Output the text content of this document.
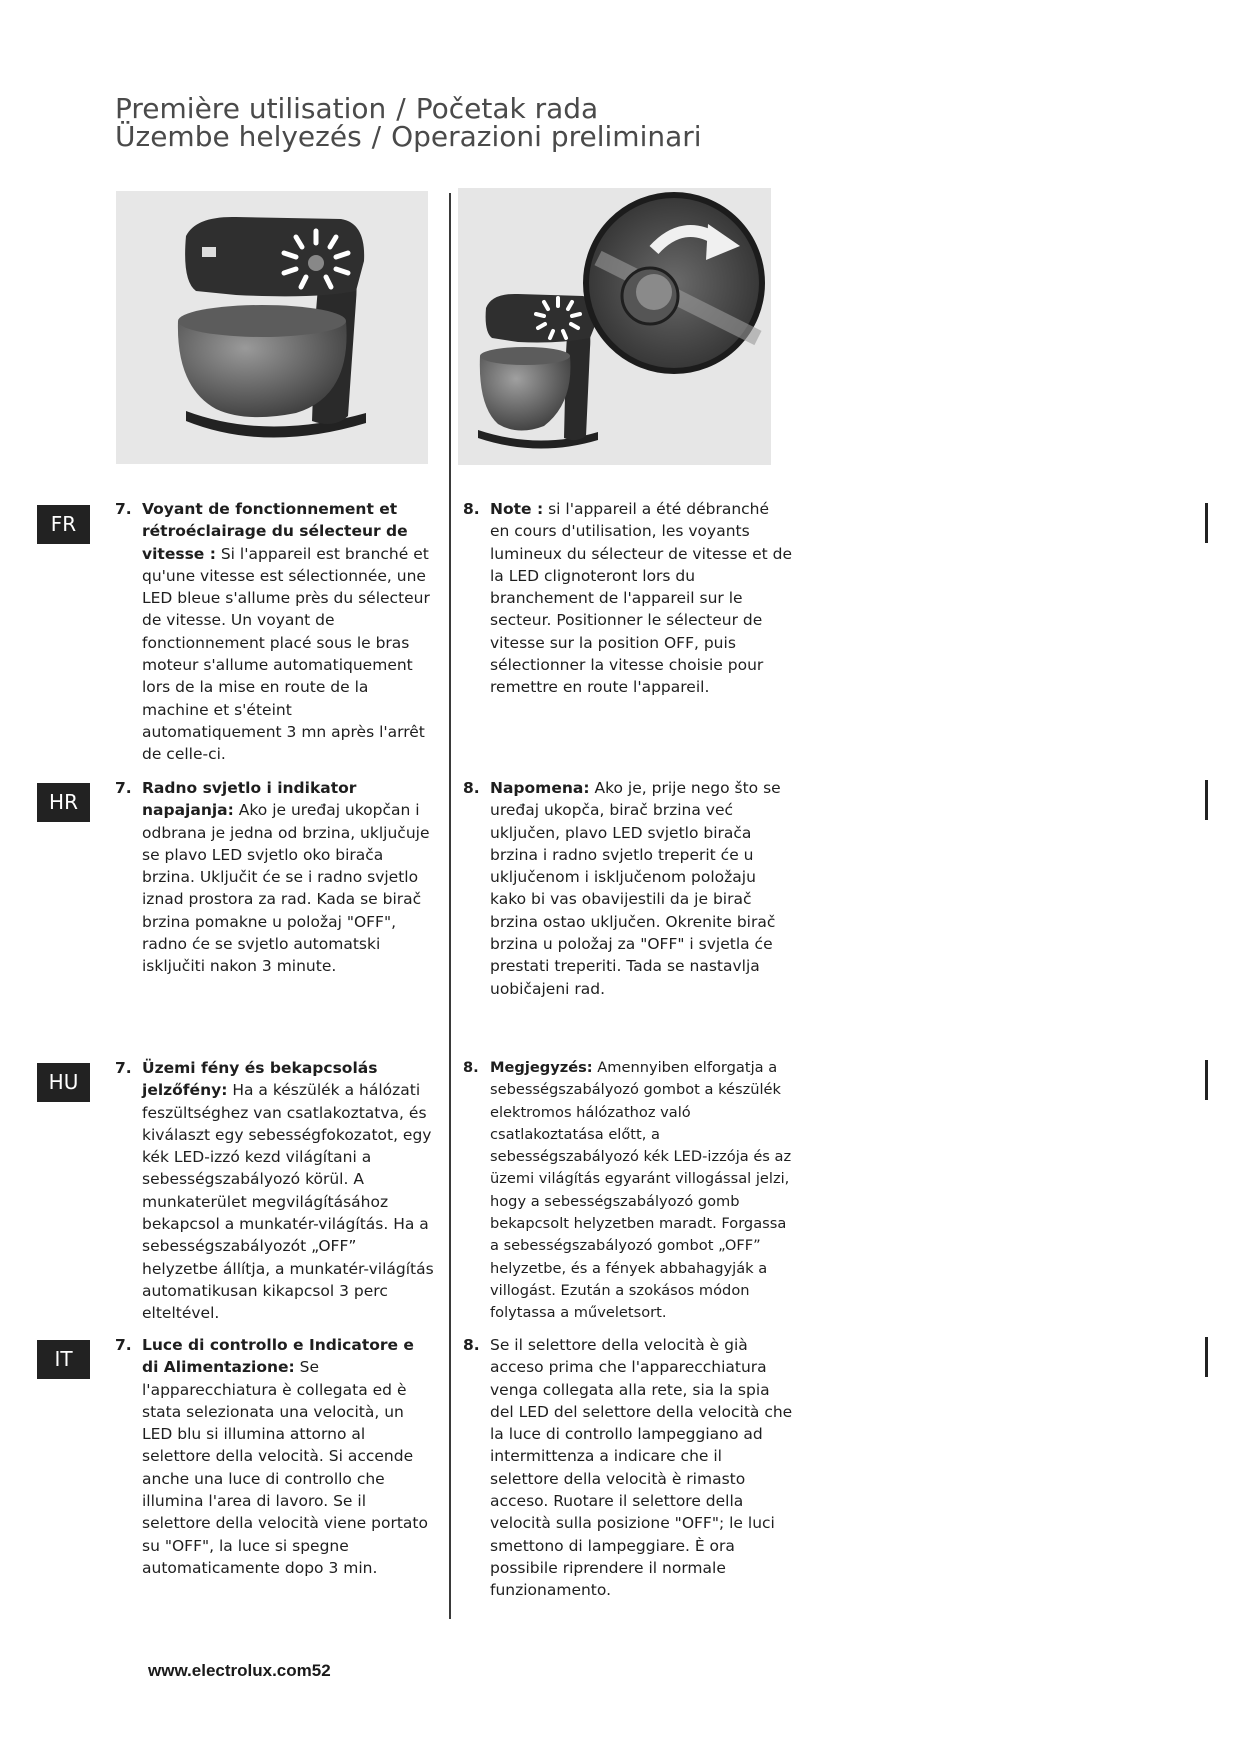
Première utilisation / Početak rada
Üzembe helyezés / Operazioni preliminari
FR
7. Voyant de fonctionnement et rétroéclairage du sélecteur de vitesse : Si l'appareil est branché et qu'une vitesse est sélectionnée, une LED bleue s'allume près du sélecteur de vitesse. Un voyant de fonctionnement placé sous le bras moteur s'allume automatiquement lors de la mise en route de la machine et s'éteint automatiquement 3 mn après l'arrêt de celle-ci.
8. Note : si l'appareil a été débranché en cours d'utilisation, les voyants lumineux du sélecteur de vitesse et de la LED clignoteront lors du branchement de l'appareil sur le secteur. Positionner le sélecteur de vitesse sur la position OFF, puis sélectionner la vitesse choisie pour remettre en route l'appareil.
HR
7. Radno svjetlo i indikator napajanja: Ako je uređaj ukopčan i odbrana je jedna od brzina, uključuje se plavo LED svjetlo oko birača brzina. Uključit će se i radno svjetlo iznad prostora za rad. Kada se birač brzina pomakne u položaj "OFF", radno će se svjetlo automatski isključiti nakon 3 minute.
8. Napomena: Ako je, prije nego što se uređaj ukopča, birač brzina već uključen, plavo LED svjetlo birača brzina i radno svjetlo treperit će u uključenom i isključenom položaju kako bi vas obavijestili da je birač brzina ostao uključen. Okrenite birač brzina u položaj za "OFF" i svjetla će prestati treperiti. Tada se nastavlja uobičajeni rad.
HU
7. Üzemi fény és bekapcsolás jelzőfény: Ha a készülék a hálózati feszültséghez van csatlakoztatva, és kiválaszt egy sebességfokozatot, egy kék LED-izzó kezd világítani a sebességszabályozó körül. A munkaterület megvilágításához bekapcsol a munkatér-világítás. Ha a sebességszabályozót „OFF” helyzetbe állítja, a munkatér-világítás automatikusan kikapcsol 3 perc elteltével.
8. Megjegyzés: Amennyiben elforgatja a sebességszabályozó gombot a készülék elektromos hálózathoz való csatlakoztatása előtt, a sebességszabályozó kék LED-izzója és az üzemi világítás egyaránt villogással jelzi, hogy a sebességszabályozó gomb bekapcsolt helyzetben maradt. Forgassa a sebességszabályozó gombot „OFF” helyzetbe, és a fények abbahagyják a villogást. Ezután a szokásos módon folytassa a műveletsort.
IT
7. Luce di controllo e Indicatore e di Alimentazione: Se l'apparecchiatura è collegata ed è stata selezionata una velocità, un LED blu si illumina attorno al selettore della velocità. Si accende anche una luce di controllo che illumina l'area di lavoro. Se il selettore della velocità viene portato su "OFF", la luce si spegne automaticamente dopo 3 min.
8. Se il selettore della velocità è già acceso prima che l'apparecchiatura venga collegata alla rete, sia la spia del LED del selettore della velocità che la luce di controllo lampeggiano ad intermittenza a indicare che il selettore della velocità è rimasto acceso. Ruotare il selettore della velocità sulla posizione "OFF"; le luci smettono di lampeggiare. È ora possibile riprendere il normale funzionamento.
www.electrolux.com52
